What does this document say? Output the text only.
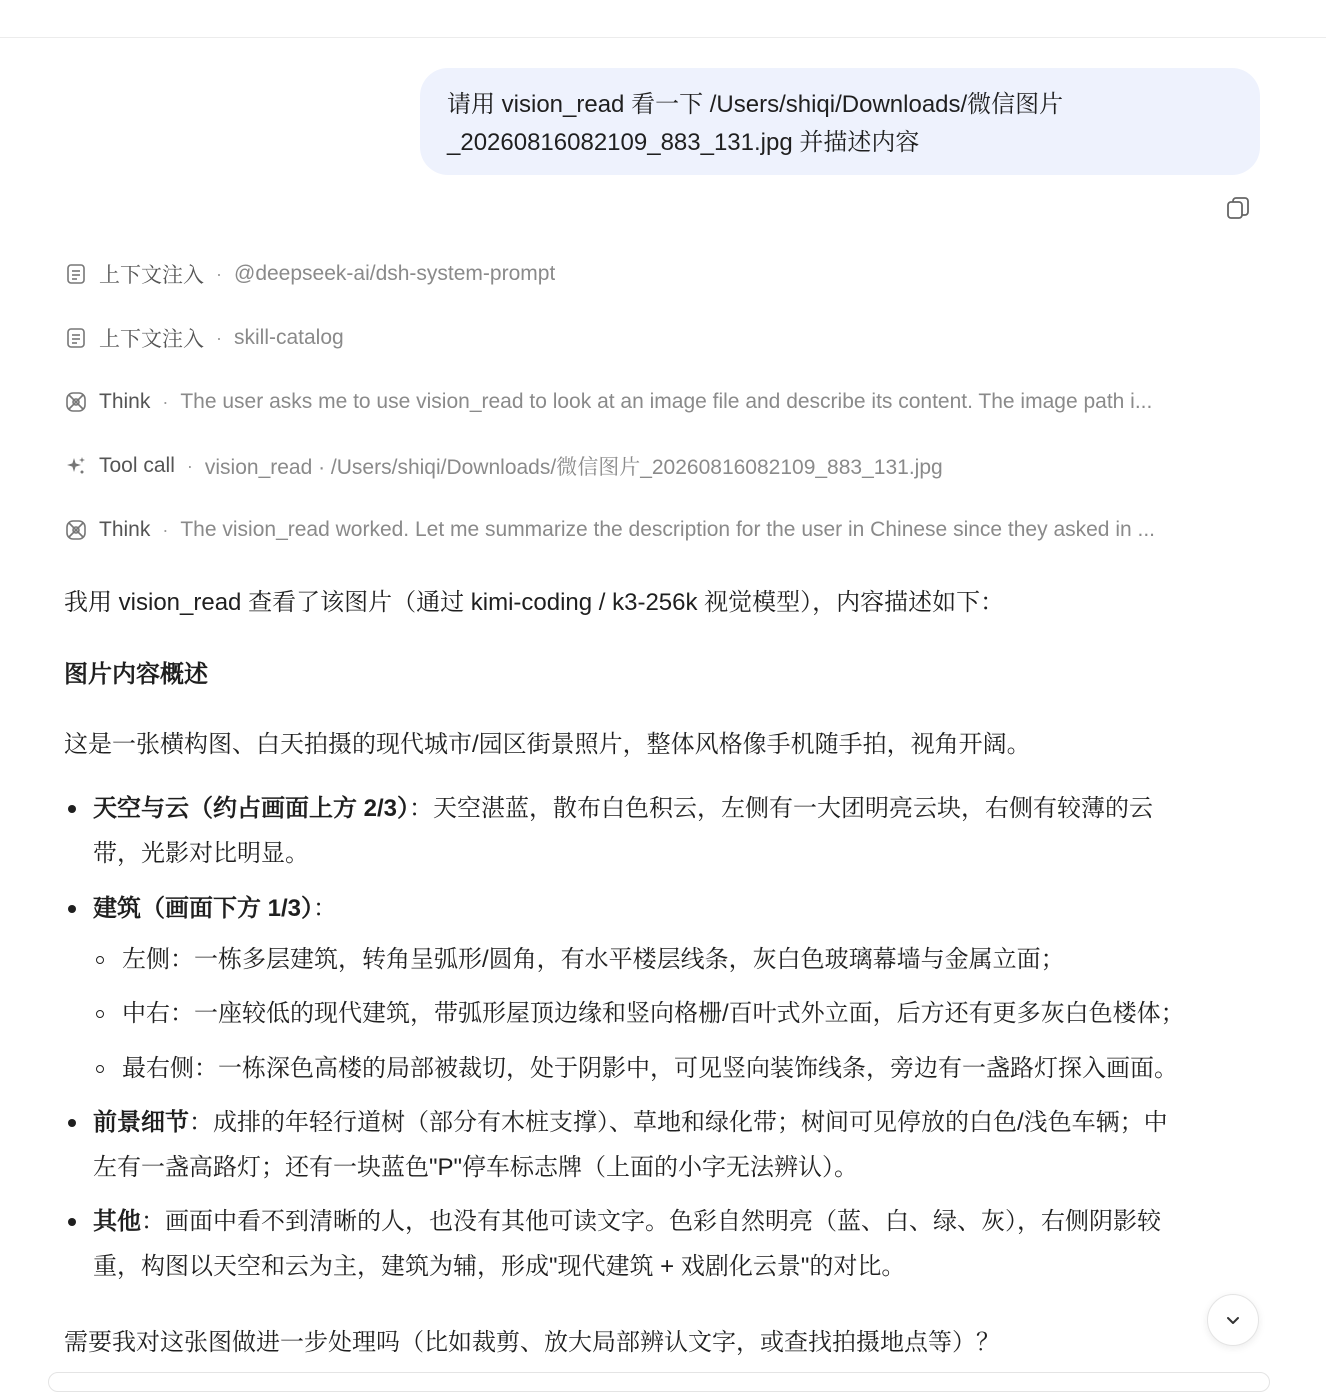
请用 vision_read 看一下 /Users/shiqi/Downloads/微信图片
_20260816082109_883_131.jpg 并描述内容
上下文注入 · @deepseek-ai/dsh-system-prompt
上下文注入 · skill-catalog
Think · The user asks me to use vision_read to look at an image file and describe its content. The image path i...
Tool call · vision_read · /Users/shiqi/Downloads/微信图片_20260816082109_883_131.jpg
Think · The vision_read worked. Let me summarize the description for the user in Chinese since they asked in ...
我用 vision_read 查看了该图片（通过 kimi-coding / k3-256k 视觉模型），内容描述如下：
图片内容概述
这是一张横构图、白天拍摄的现代城市/园区街景照片，整体风格像手机随手拍，视角开阔。
天空与云（约占画面上方 2/3）：天空湛蓝，散布白色积云，左侧有一大团明亮云块，右侧有较薄的云
带，光影对比明显。
建筑（画面下方 1/3）：
左侧：一栋多层建筑，转角呈弧形/圆角，有水平楼层线条，灰白色玻璃幕墙与金属立面；
中右：一座较低的现代建筑，带弧形屋顶边缘和竖向格栅/百叶式外立面，后方还有更多灰白色楼体；
最右侧：一栋深色高楼的局部被裁切，处于阴影中，可见竖向装饰线条，旁边有一盏路灯探入画面。
前景细节：成排的年轻行道树（部分有木桩支撑）、草地和绿化带；树间可见停放的白色/浅色车辆；中
左有一盏高路灯；还有一块蓝色"P"停车标志牌（上面的小字无法辨认）。
其他：画面中看不到清晰的人，也没有其他可读文字。色彩自然明亮（蓝、白、绿、灰），右侧阴影较
重，构图以天空和云为主，建筑为辅，形成"现代建筑 + 戏剧化云景"的对比。
需要我对这张图做进一步处理吗（比如裁剪、放大局部辨认文字，或查找拍摄地点等）？
